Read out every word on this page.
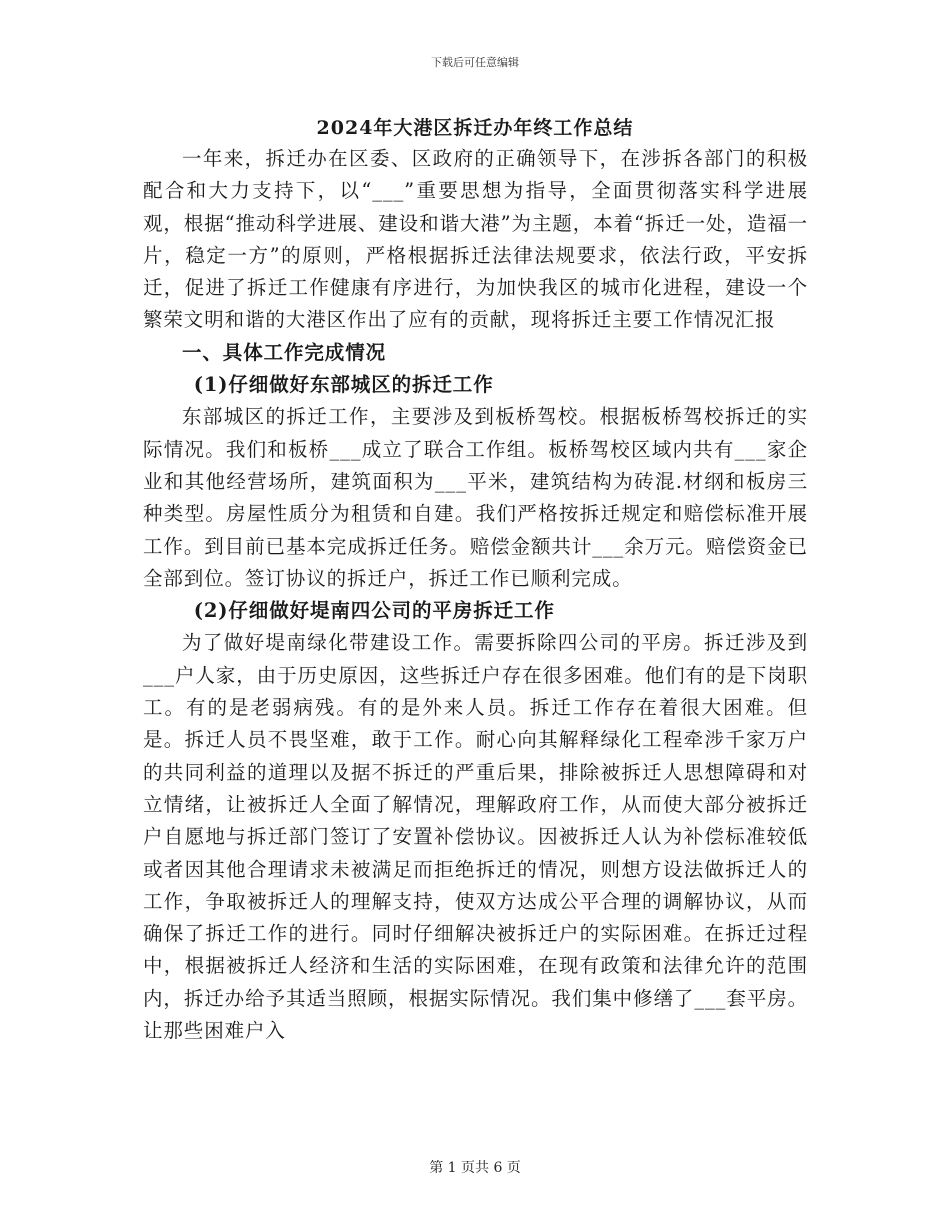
下载后可任意编辑
2024年大港区拆迁办年终工作总结

一年来，拆迁办在区委、区政府的正确领导下，在涉拆各部门的积极配合和大力支持下，以“___”重要思想为指导，全面贯彻落实科学进展观，根据“推动科学进展、建设和谐大港”为主题，本着“拆迁一处，造福一片，稳定一方”的原则，严格根据拆迁法律法规要求，依法行政，平安拆迁，促进了拆迁工作健康有序进行，为加快我区的城市化进程，建设一个繁荣文明和谐的大港区作出了应有的贡献，现将拆迁主要工作情况汇报

一、具体工作完成情况

(1)仔细做好东部城区的拆迁工作

东部城区的拆迁工作，主要涉及到板桥驾校。根据板桥驾校拆迁的实际情况。我们和板桥___成立了联合工作组。板桥驾校区域内共有___家企业和其他经营场所，建筑面积为___平米，建筑结构为砖混.材纲和板房三种类型。房屋性质分为租赁和自建。我们严格按拆迁规定和赔偿标准开展工作。到目前已基本完成拆迁任务。赔偿金额共计___余万元。赔偿资金已全部到位。签订协议的拆迁户，拆迁工作已顺利完成。

(2)仔细做好堤南四公司的平房拆迁工作

为了做好堤南绿化带建设工作。需要拆除四公司的平房。拆迁涉及到___户人家，由于历史原因，这些拆迁户存在很多困难。他们有的是下岗职工。有的是老弱病残。有的是外来人员。拆迁工作存在着很大困难。但是。拆迁人员不畏坚难，敢于工作。耐心向其解释绿化工程牵涉千家万户的共同利益的道理以及据不拆迁的严重后果，排除被拆迁人思想障碍和对立情绪，让被拆迁人全面了解情况，理解政府工作，从而使大部分被拆迁户自愿地与拆迁部门签订了安置补偿协议。因被拆迁人认为补偿标准较低或者因其他合理请求未被满足而拒绝拆迁的情况，则想方设法做拆迁人的工作，争取被拆迁人的理解支持，使双方达成公平合理的调解协议，从而确保了拆迁工作的进行。同时仔细解决被拆迁户的实际困难。在拆迁过程中，根据被拆迁人经济和生活的实际困难，在现有政策和法律允许的范围内，拆迁办给予其适当照顾，根据实际情况。我们集中修缮了___套平房。让那些困难户入

第 1 页共 6 页
